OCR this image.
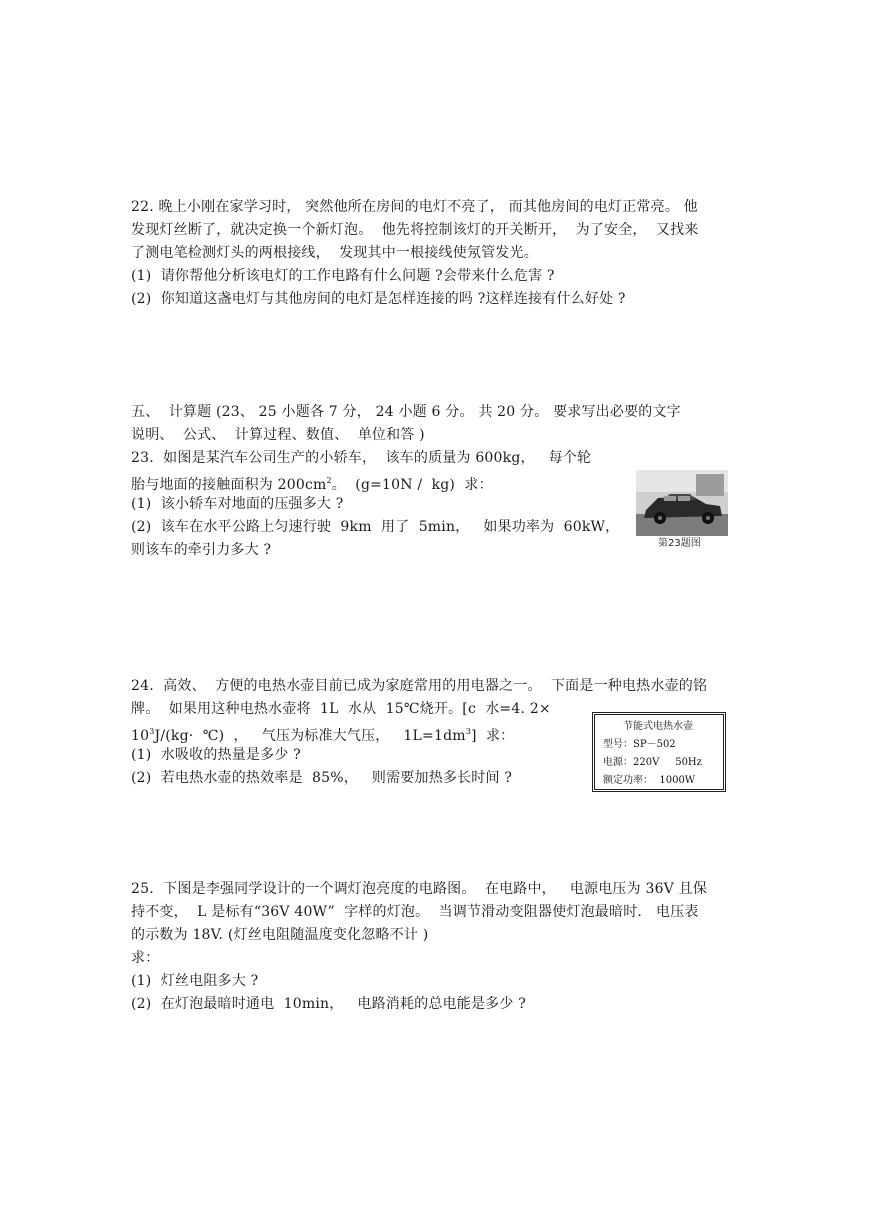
22. 晚上小刚在家学习时， 突然他所在房间的电灯不亮了， 而其他房间的电灯正常亮。 他
发现灯丝断了，就决定换一个新灯泡。  他先将控制该灯的开关断开，  为了安全，  又找来
了测电笔检测灯头的两根接线，  发现其中一根接线使氖管发光。
(1)  请你帮他分析该电灯的工作电路有什么问题 ?会带来什么危害 ?
(2)  你知道这盏电灯与其他房间的电灯是怎样连接的吗 ?这样连接有什么好处 ?
五、  计算题 (23、 25 小题各 7 分， 24 小题 6 分。 共 20 分。 要求写出必要的文字
说明、  公式、  计算过程、数值、  单位和答 )
23.  如图是某汽车公司生产的小轿车，  该车的质量为 600kg，   每个轮
胎与地面的接触面积为 $200cm^2$。  (g=10N /  kg)  求：
(1)  该小轿车对地面的压强多大 ?
(2)  该车在水平公路上匀速行驶  9km  用了  5min，   如果功率为  60kW，
则该车的牵引力多大 ?	第23题图
24.  高效、  方便的电热水壶目前已成为家庭常用的用电器之一。  下面是一种电热水壶的铭
牌。  如果用这种电热水壶将  1L  水从  15℃烧开。[c  水=4. 2×
$10^3J/(kg\cdot$  ℃)  ，   气压为标准大气压，   $1L=1dm^3$]  求：
(1)  水吸收的热量是多少 ?
(2)  若电热水壶的热效率是  85%，   则需要加热多长时间 ?
节能式电热水壶
型号：SP－502
电源：220V     50Hz
额定功率：  1000W
25.  下图是李强同学设计的一个调灯泡亮度的电路图。  在电路中，   电源电压为 36V 且保
持不变，  L 是标有“36V 40W”  字样的灯泡。  当调节滑动变阻器使灯泡最暗时.   电压表
的示数为 18V. (灯丝电阻随温度变化忽略不计 )
求：
(1)  灯丝电阻多大 ?
(2)  在灯泡最暗时通电  10min，   电路消耗的总电能是多少 ?
